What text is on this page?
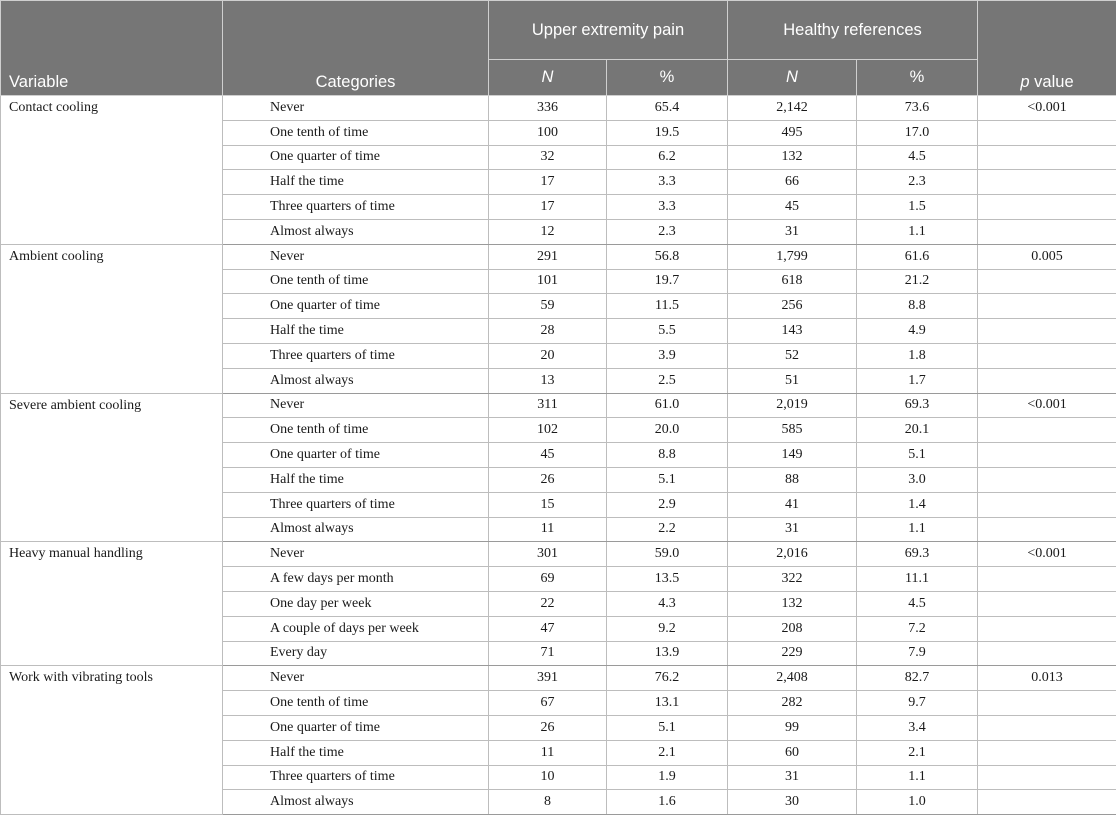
Variable	Categories	Upper extremity pain		Healthy references		p value
		N	%	N	%	
Contact cooling	Never	336	65.4	2,142	73.6	<0.001
	One tenth of time	100	19.5	495	17.0	
	One quarter of time	32	6.2	132	4.5	
	Half the time	17	3.3	66	2.3	
	Three quarters of time	17	3.3	45	1.5	
	Almost always	12	2.3	31	1.1	
Ambient cooling	Never	291	56.8	1,799	61.6	0.005
	One tenth of time	101	19.7	618	21.2	
	One quarter of time	59	11.5	256	8.8	
	Half the time	28	5.5	143	4.9	
	Three quarters of time	20	3.9	52	1.8	
	Almost always	13	2.5	51	1.7	
Severe ambient cooling	Never	311	61.0	2,019	69.3	<0.001
	One tenth of time	102	20.0	585	20.1	
	One quarter of time	45	8.8	149	5.1	
	Half the time	26	5.1	88	3.0	
	Three quarters of time	15	2.9	41	1.4	
	Almost always	11	2.2	31	1.1	
Heavy manual handling	Never	301	59.0	2,016	69.3	<0.001
	A few days per month	69	13.5	322	11.1	
	One day per week	22	4.3	132	4.5	
	A couple of days per week	47	9.2	208	7.2	
	Every day	71	13.9	229	7.9	
Work with vibrating tools	Never	391	76.2	2,408	82.7	0.013
	One tenth of time	67	13.1	282	9.7	
	One quarter of time	26	5.1	99	3.4	
	Half the time	11	2.1	60	2.1	
	Three quarters of time	10	1.9	31	1.1	
	Almost always	8	1.6	30	1.0	
